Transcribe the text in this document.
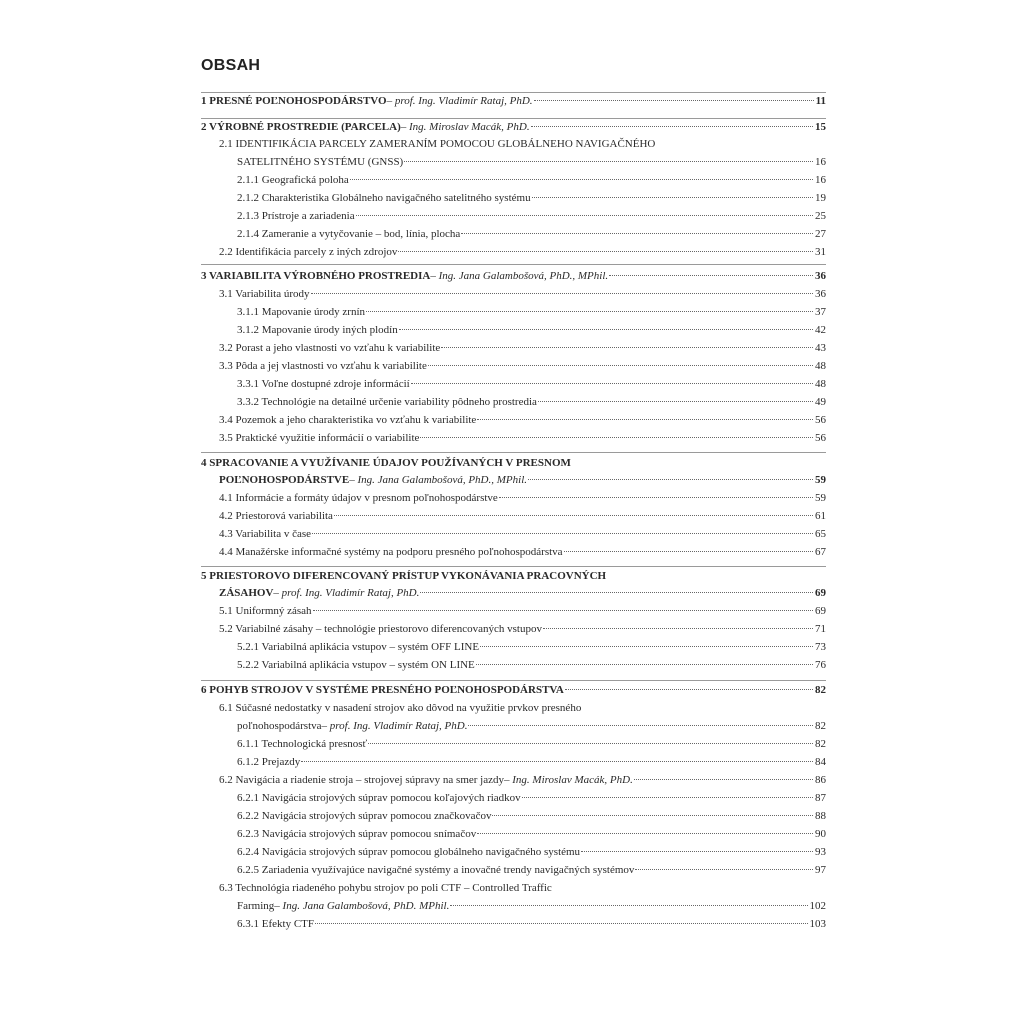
OBSAH
1 PRESNÉ POĽNOHOSPODÁRSTVO – prof. Ing. Vladimír Rataj, PhD.	11
2 VÝROBNÉ PROSTREDIE (PARCELA) – Ing. Miroslav Macák, PhD.	15
2.1 IDENTIFIKÁCIA PARCELY ZAMERANÍM POMOCOU GLOBÁLNEHO NAVIGAČNÉHO
SATELITNÉHO SYSTÉMU (GNSS)	16
2.1.1 Geografická poloha	16
2.1.2 Charakteristika Globálneho navigačného satelitného systému	19
2.1.3 Prístroje a zariadenia	25
2.1.4 Zameranie a vytyčovanie – bod, línia, plocha	27
2.2 Identifikácia parcely z iných zdrojov	31
3 VARIABILITA VÝROBNÉHO PROSTREDIA – Ing. Jana Galambošová, PhD., MPhil.	36
3.1 Variabilita úrody	36
3.1.1 Mapovanie úrody zrnín	37
3.1.2 Mapovanie úrody iných plodín	42
3.2 Porast a jeho vlastnosti vo vzťahu k variabilite	43
3.3 Pôda a jej vlastnosti vo vzťahu k variabilite	48
3.3.1 Voľne dostupné zdroje informácií	48
3.3.2 Technológie na detailné určenie variability pôdneho prostredia	49
3.4 Pozemok a jeho charakteristika vo vzťahu k variabilite	56
3.5 Praktické využitie informácií o variabilite	56
4 SPRACOVANIE A VYUŽÍVANIE ÚDAJOV POUŽÍVANÝCH V PRESNOM
POĽNOHOSPODÁRSTVE – Ing. Jana Galambošová, PhD., MPhil.	59
4.1 Informácie a formáty údajov v presnom poľnohospodárstve	59
4.2 Priestorová variabilita	61
4.3 Variabilita v čase	65
4.4 Manažérske informačné systémy na podporu presného poľnohospodárstva	67
5 PRIESTOROVO DIFERENCOVANÝ PRÍSTUP VYKONÁVANIA PRACOVNÝCH
ZÁSAHOV – prof. Ing. Vladimír Rataj, PhD.	69
5.1 Uniformný zásah	69
5.2 Variabilné zásahy – technológie priestorovo diferencovaných vstupov	71
5.2.1 Variabilná aplikácia vstupov – systém OFF LINE	73
5.2.2 Variabilná aplikácia vstupov – systém ON LINE	76
6 POHYB STROJOV V SYSTÉME PRESNÉHO POĽNOHOSPODÁRSTVA	82
6.1 Súčasné nedostatky v nasadení strojov ako dôvod na využitie prvkov presného
poľnohospodárstva – prof. Ing. Vladimír Rataj, PhD.	82
6.1.1 Technologická presnosť	82
6.1.2 Prejazdy	84
6.2 Navigácia a riadenie stroja – strojovej súpravy na smer jazdy – Ing. Miroslav Macák, PhD.	86
6.2.1 Navigácia strojových súprav pomocou koľajových riadkov	87
6.2.2 Navigácia strojových súprav pomocou značkovačov	88
6.2.3 Navigácia strojových súprav pomocou snímačov	90
6.2.4 Navigácia strojových súprav pomocou globálneho navigačného systému	93
6.2.5 Zariadenia využívajúce navigačné systémy a inovačné trendy navigačných systémov	97
6.3 Technológia riadeného pohybu strojov po poli CTF – Controlled Traffic
Farming – Ing. Jana Galambošová, PhD. MPhil.	102
6.3.1 Efekty CTF	103
